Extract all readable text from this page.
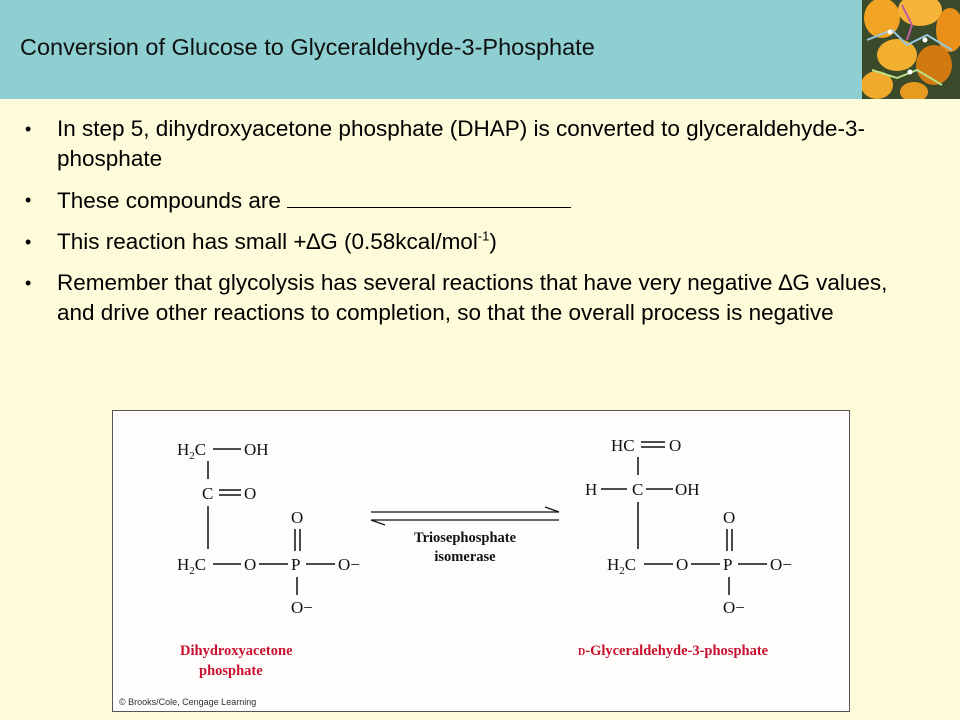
Conversion of Glucose to Glyceraldehyde-3-Phosphate
• In step 5, dihydroxyacetone phosphate (DHAP) is converted to glyceraldehyde-3-phosphate
• These compounds are
• This reaction has small +∆G (0.58kcal/mol$^{-1}$)
• Remember that glycolysis has several reactions that have very negative ∆G values, and drive other reactions to completion, so that the overall process is negative
$H_2C$ OH
C O
$H_2C$ O P O−
O
O−
Triosephosphate
isomerase
HC O
H C OH
$H_2C$ O P O−
O
O−
Dihydroxyacetone
phosphate
D-Glyceraldehyde-3-phosphate
© Brooks/Cole, Cengage Learning
